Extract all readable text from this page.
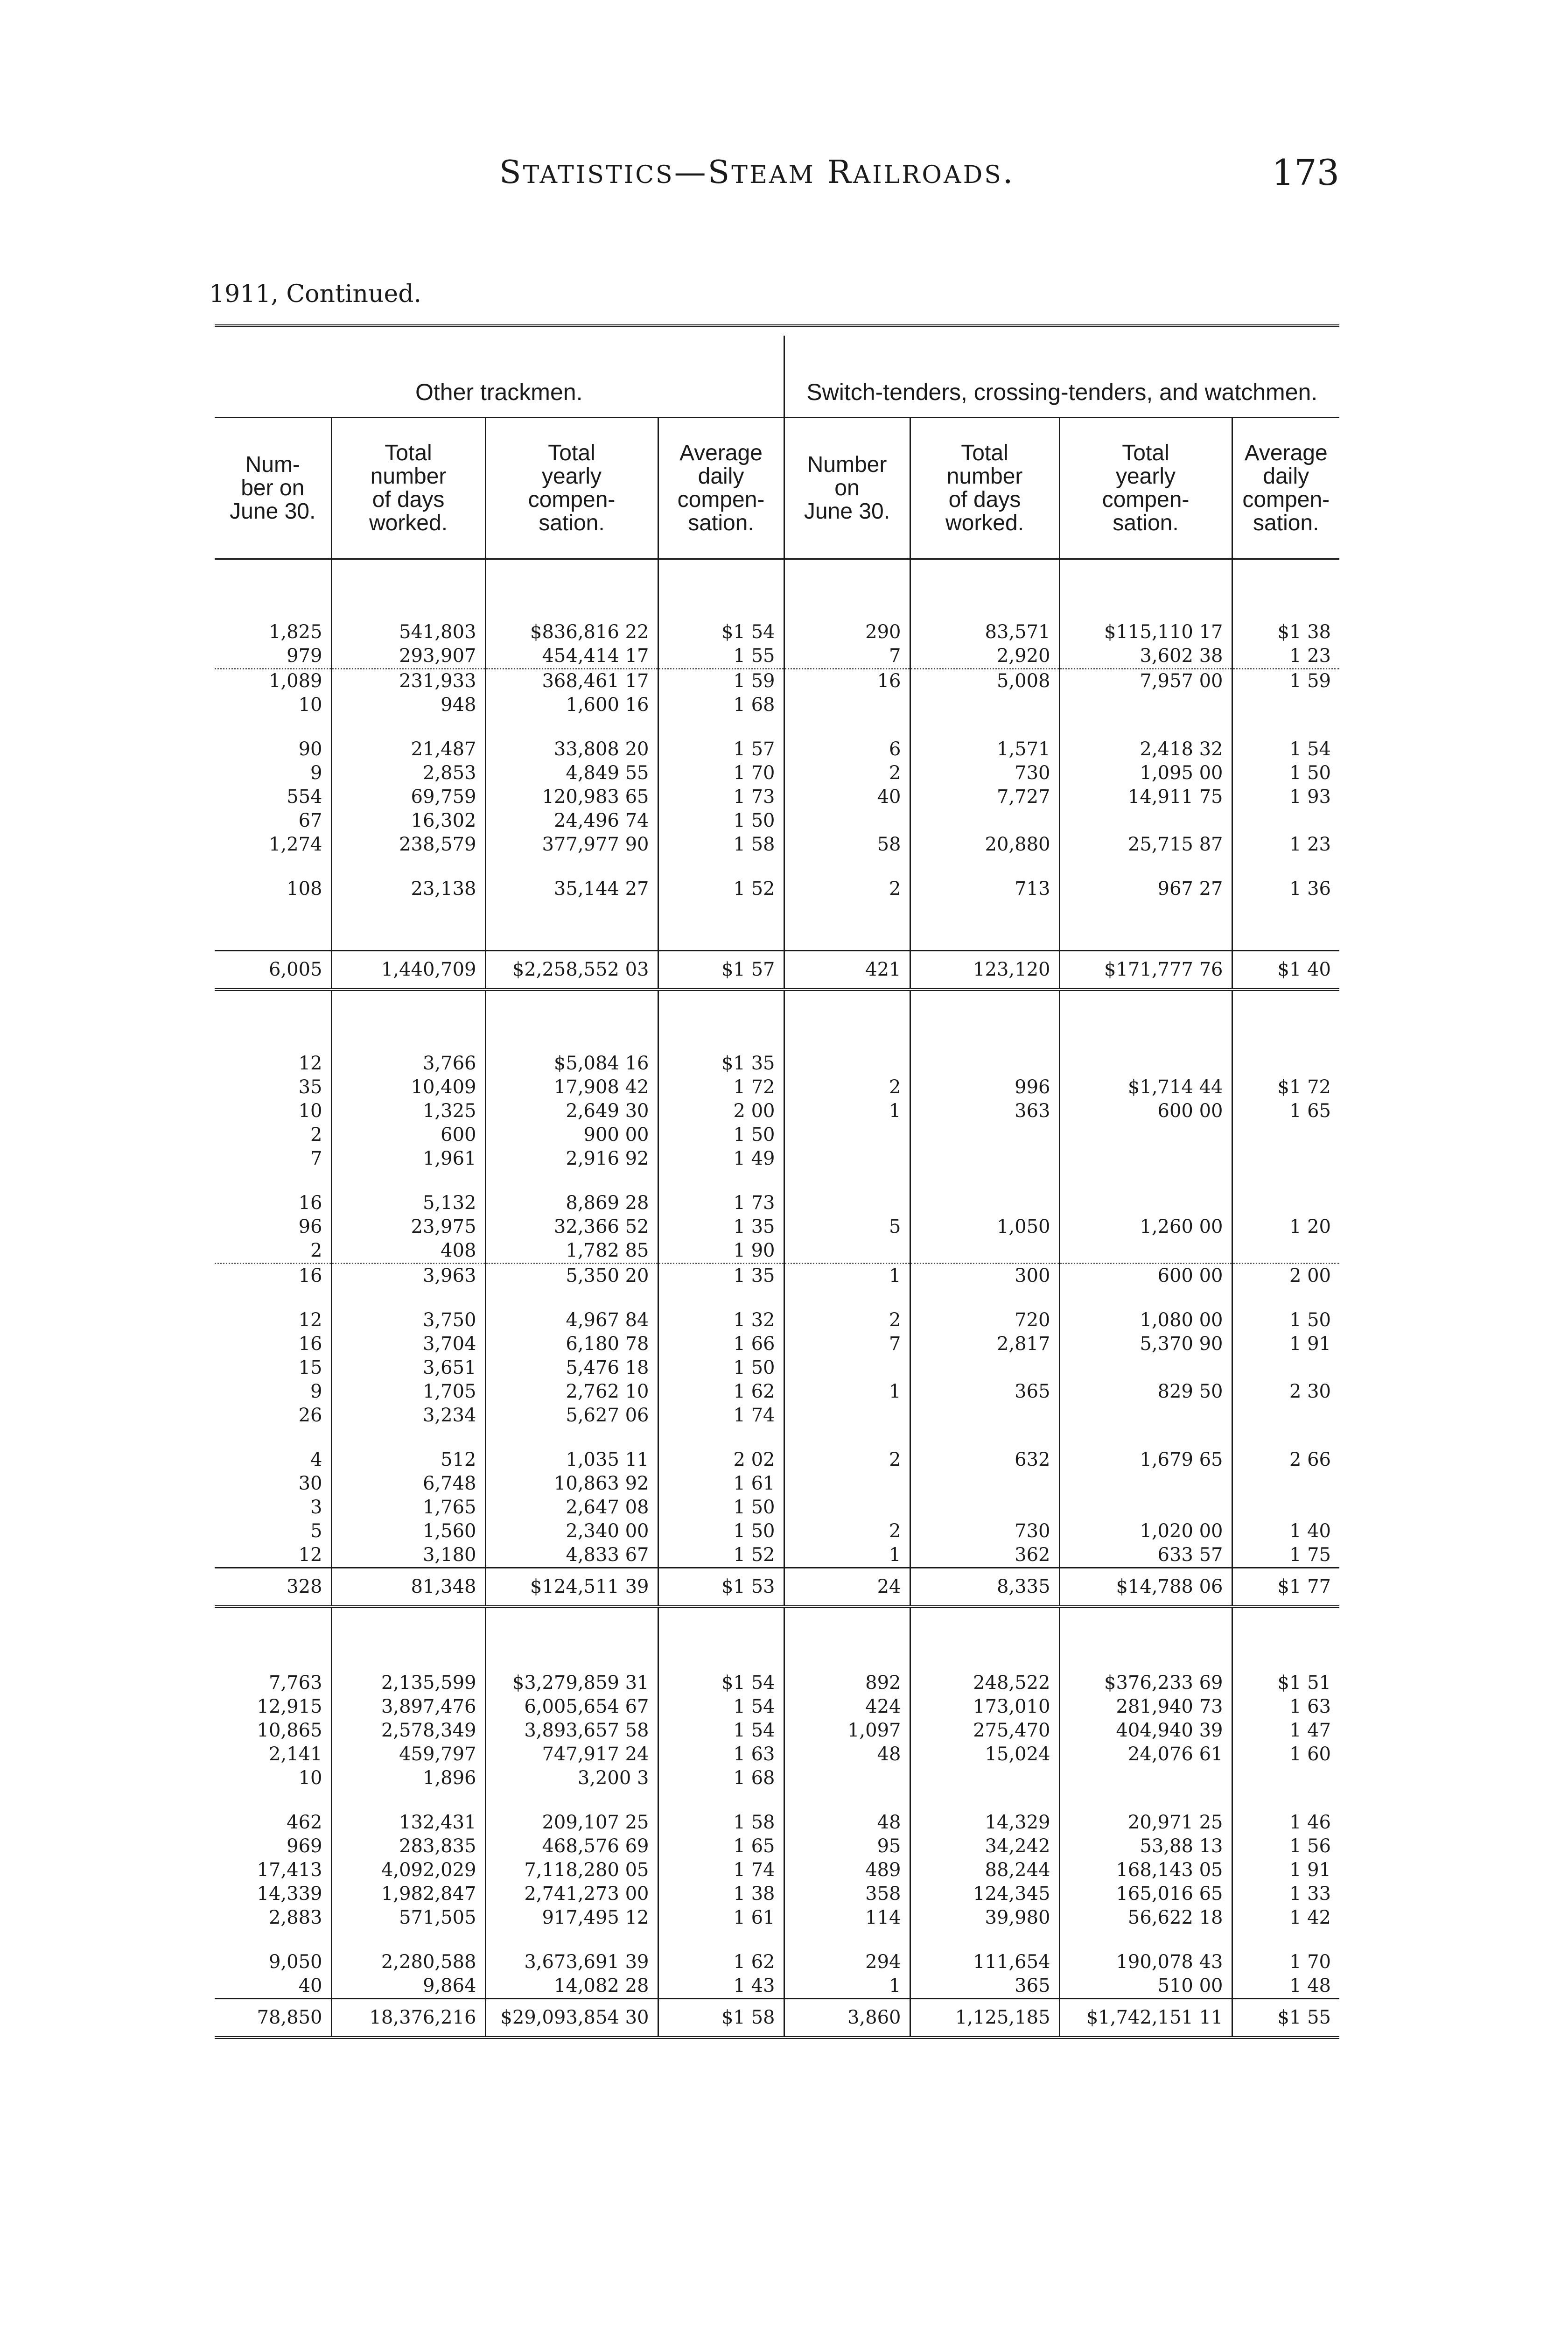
STATISTICS—STEAM RAILROADS.	173
1911, Continued.

Other trackmen.				Switch-tenders, crossing-tenders, and watchmen.			
Num-
ber on
June 30.	Total
number
of days
worked.	Total
yearly
compen-
sation.	Average
daily
compen-
sation.	Number
on
June 30.	Total
number
of days
worked.	Total
yearly
compen-
sation.	Average
daily
compen-
sation.
1,825	541,803	$836,816 22	$1 54	290	83,571	$115,110 17	$1 38
979	293,907	454,414 17	1 55	7	2,920	3,602 38	1 23
1,089	231,933	368,461 17	1 59	16	5,008	7,957 00	1 59
10	948	1,600 16	1 68				
90	21,487	33,808 20	1 57	6	1,571	2,418 32	1 54
9	2,853	4,849 55	1 70	2	730	1,095 00	1 50
554	69,759	120,983 65	1 73	40	7,727	14,911 75	1 93
67	16,302	24,496 74	1 50				
1,274	238,579	377,977 90	1 58	58	20,880	25,715 87	1 23
108	23,138	35,144 27	1 52	2	713	967 27	1 36

6,005	1,440,709	$2,258,552 03	$1 57	421	123,120	$171,777 76	$1 40
12	3,766	$5,084 16	$1 35				
35	10,409	17,908 42	1 72	2	996	$1,714 44	$1 72
10	1,325	2,649 30	2 00	1	363	600 00	1 65
2	600	900 00	1 50				
7	1,961	2,916 92	1 49				
16	5,132	8,869 28	1 73				
96	23,975	32,366 52	1 35	5	1,050	1,260 00	1 20
2	408	1,782 85	1 90				
16	3,963	5,350 20	1 35	1	300	600 00	2 00
12	3,750	4,967 84	1 32	2	720	1,080 00	1 50
16	3,704	6,180 78	1 66	7	2,817	5,370 90	1 91
15	3,651	5,476 18	1 50				
9	1,705	2,762 10	1 62	1	365	829 50	2 30
26	3,234	5,627 06	1 74				
4	512	1,035 11	2 02	2	632	1,679 65	2 66
30	6,748	10,863 92	1 61				
3	1,765	2,647 08	1 50				
5	1,560	2,340 00	1 50	2	730	1,020 00	1 40
12	3,180	4,833 67	1 52	1	362	633 57	1 75
328	81,348	$124,511 39	$1 53	24	8,335	$14,788 06	$1 77

7,763	2,135,599	$3,279,859 31	$1 54	892	248,522	$376,233 69	$1 51
12,915	3,897,476	6,005,654 67	1 54	424	173,010	281,940 73	1 63
10,865	2,578,349	3,893,657 58	1 54	1,097	275,470	404,940 39	1 47
2,141	459,797	747,917 24	1 63	48	15,024	24,076 61	1 60
10	1,896	3,200 3	1 68				
462	132,431	209,107 25	1 58	48	14,329	20,971 25	1 46
969	283,835	468,576 69	1 65	95	34,242	53,88 13	1 56
17,413	4,092,029	7,118,280 05	1 74	489	88,244	168,143 05	1 91
14,339	1,982,847	2,741,273 00	1 38	358	124,345	165,016 65	1 33
2,883	571,505	917,495 12	1 61	114	39,980	56,622 18	1 42
9,050	2,280,588	3,673,691 39	1 62	294	111,654	190,078 43	1 70
40	9,864	14,082 28	1 43	1	365	510 00	1 48
78,850	18,376,216	$29,093,854 30	$1 58	3,860	1,125,185	$1,742,151 11	$1 55
